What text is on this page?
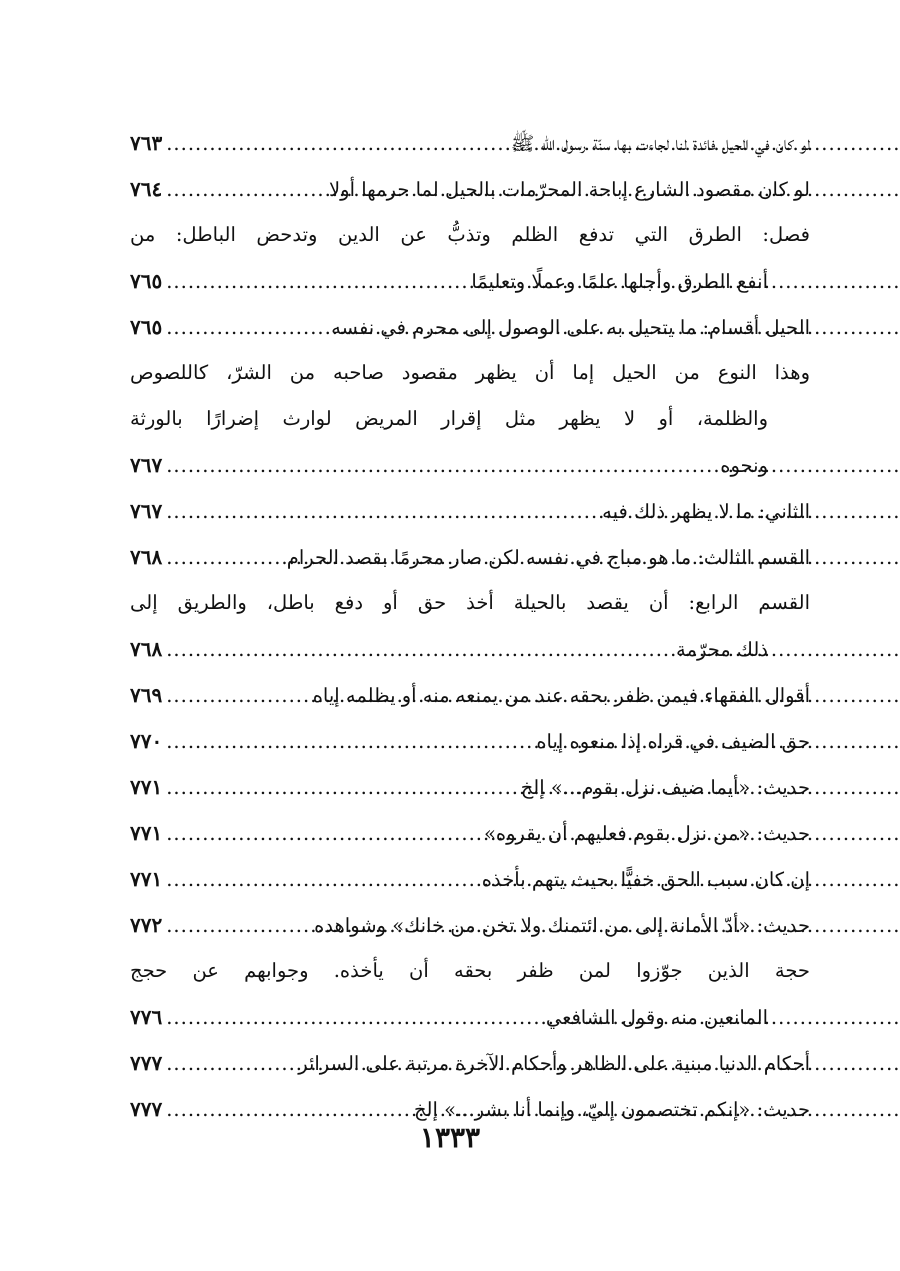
لو كان في الحيل فائدة لنا لجاءت بها سنّة رسول الله ﷺ
.....
٧٦٣
لو كان مقصود الشارع إباحة المحرّمات بالحيل لما حرمها أولا
.....
٧٦٤
فصل: الطرق التي تدفع الظلم وتذبُّ عن الدين وتدحض الباطل: من
أنفع الطرق وأجلها علمًا وعملًا وتعليمًا
.....
٧٦٥
الحيل أقسام: ما يتحيل به على الوصول إلى محرم في نفسه
.....
٧٦٥
وهذا النوع من الحيل إما أن يظهر مقصود صاحبه من الشرّ، كاللصوص
والظلمة، أو لا يظهر مثل إقرار المريض لوارث إضرارًا بالورثة
ونحوه
.....
٧٦٧
الثاني: ما لا يظهر ذلك فيه
.....
٧٦٧
القسم الثالث: ما هو مباح في نفسه لكن صار محرمًا بقصد الحرام
.....
٧٦٨
القسم الرابع: أن يقصد بالحيلة أخذ حق أو دفع باطل، والطريق إلى
ذلك محرّمة
.....
٧٦٨
أقوال الفقهاء فيمن ظفر بحقه عند من يمنعه منه أو يظلمه إياه
.....
٧٦٩
حق الضيف في قراه إذا منعوه إياه
.....
٧٧٠
حديث: «أيما ضيف نزل بقوم...» إلخ
.....
٧٧١
حديث: «من نزل بقوم فعليهم أن يقروه»
.....
٧٧١
إن كان سبب الحق خفيًّا بحيث يتهم بأخذه
.....
٧٧١
حديث: «أدّ الأمانة إلى من ائتمنك ولا تخن من خانك» وشواهده
.....
٧٧٢
حجة الذين جوّزوا لمن ظفر بحقه أن يأخذه. وجوابهم عن حجج
المانعين منه وقول الشافعي
.....
٧٧٦
أحكام الدنيا مبنية على الظاهر وأحكام الآخرة مرتبة على السرائر
.....
٧٧٧
حديث: «إنكم تختصمون إليّ، وإنما أنا بشر...» إلخ
.....
٧٧٧
١٣٣٣
